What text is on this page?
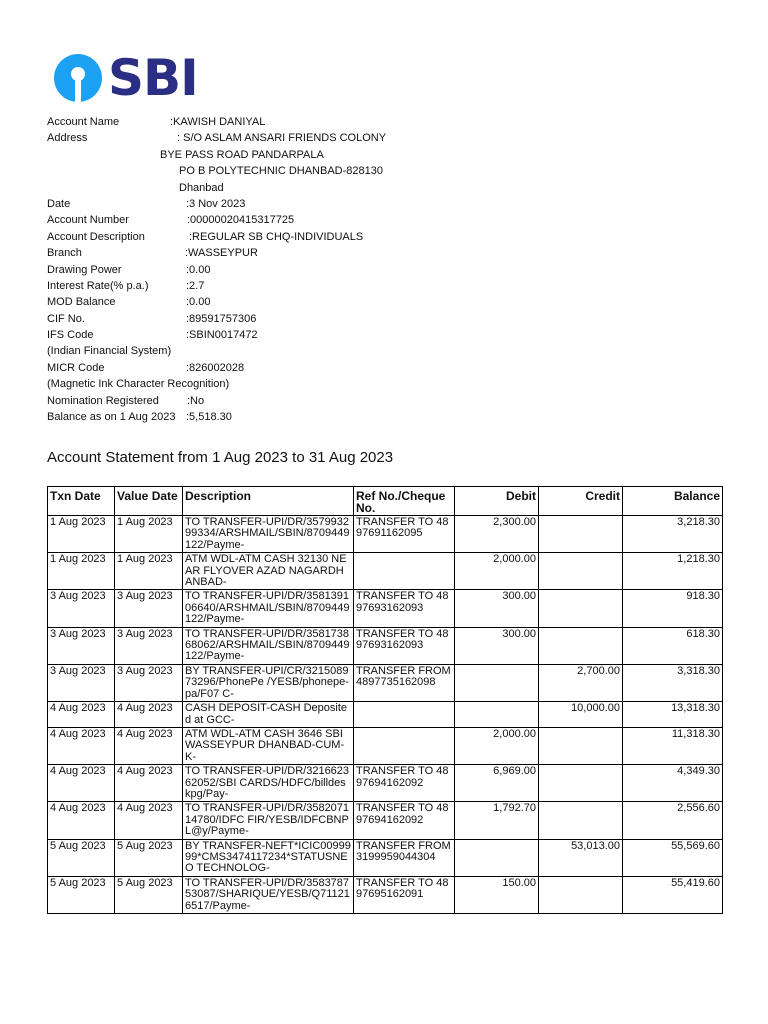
SBI
Account Name	:KAWISH DANIYAL
Address	: S/O ASLAM ANSARI FRIENDS COLONY
BYE PASS ROAD PANDARPALA
PO B POLYTECHNIC DHANBAD-828130
Dhanbad
Date	:3 Nov 2023
Account Number	:00000020415317725
Account Description	:REGULAR SB CHQ-INDIVIDUALS
Branch	:WASSEYPUR
Drawing Power	:0.00
Interest Rate(% p.a.)	:2.7
MOD Balance	:0.00
CIF No.	:89591757306
IFS Code	:SBIN0017472
(Indian Financial System)
MICR Code	:826002028
(Magnetic Ink Character Recognition)
Nomination Registered	:No
Balance as on 1 Aug 2023 :5,518.30
Account Statement from 1 Aug 2023 to 31 Aug 2023
Txn Date	Value Date	Description	Ref No./Cheque No.	Debit	Credit	Balance
1 Aug 2023	1 Aug 2023	TO TRANSFER-UPI/DR/357993299334/ARSHMAIL/SBIN/8709449122/Payme-	TRANSFER TO 4897691162095	2,300.00		3,218.30
1 Aug 2023	1 Aug 2023	ATM WDL-ATM CASH 32130 NEAR FLYOVER AZAD NAGARDHANBAD-		2,000.00		1,218.30
3 Aug 2023	3 Aug 2023	TO TRANSFER-UPI/DR/358139106640/ARSHMAIL/SBIN/8709449122/Payme-	TRANSFER TO 4897693162093	300.00		918.30
3 Aug 2023	3 Aug 2023	TO TRANSFER-UPI/DR/358173868062/ARSHMAIL/SBIN/8709449122/Payme-	TRANSFER TO 4897693162093	300.00		618.30
3 Aug 2023	3 Aug 2023	BY TRANSFER-UPI/CR/321508973296/PhonePe /YESB/phonepe-pa/F07 C-	TRANSFER FROM 4897735162098		2,700.00	3,318.30
4 Aug 2023	4 Aug 2023	CASH DEPOSIT-CASH Deposited at GCC-			10,000.00	13,318.30
4 Aug 2023	4 Aug 2023	ATM WDL-ATM CASH 3646 SBI WASSEYPUR DHANBAD-CUM-K-		2,000.00		11,318.30
4 Aug 2023	4 Aug 2023	TO TRANSFER-UPI/DR/321662362052/SBI CARDS/HDFC/billdeskpg/Pay-	TRANSFER TO 4897694162092	6,969.00		4,349.30
4 Aug 2023	4 Aug 2023	TO TRANSFER-UPI/DR/358207114780/IDFC FIR/YESB/IDFCBNPL@y/Payme-	TRANSFER TO 4897694162092	1,792.70		2,556.60
5 Aug 2023	5 Aug 2023	BY TRANSFER-NEFT*ICIC0099999*CMS3474117234*STATUSNEO TECHNOLOG-	TRANSFER FROM 3199959044304		53,013.00	55,569.60
5 Aug 2023	5 Aug 2023	TO TRANSFER-UPI/DR/358378753087/SHARIQUE/YESB/Q711216517/Payme-	TRANSFER TO 4897695162091	150.00		55,419.60
